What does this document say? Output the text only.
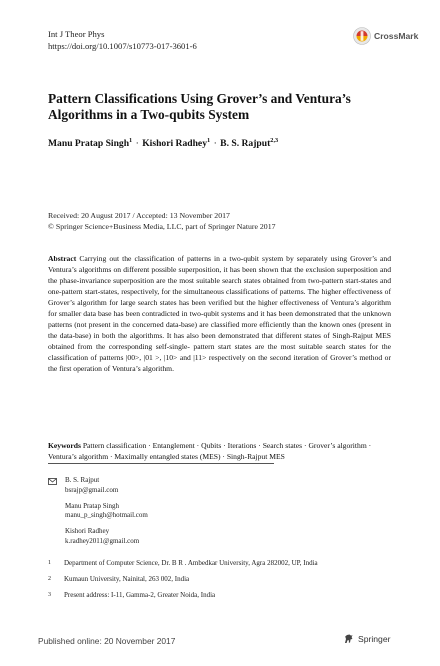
Int J Theor Phys
https://doi.org/10.1007/s10773-017-3601-6
CrossMark
Pattern Classifications Using Grover’s and Ventura’s
Algorithms in a Two-qubits System
Manu Pratap Singh$^1$ · Kishori Radhey$^1$ · B. S. Rajput$^{2,3}$
Received: 20 August 2017 / Accepted: 13 November 2017
© Springer Science+Business Media, LLC, part of Springer Nature 2017
Abstract Carrying out the classification of patterns in a two-qubit system by separately using Grover’s and Ventura’s algorithms on different possible superposition, it has been shown that the exclusion superposition and the phase-invariance superposition are the most suitable search states obtained from two-pattern start-states and one-pattern start-states, respectively, for the simultaneous classifications of patterns. The higher effectiveness of Grover’s algorithm for large search states has been verified but the higher effectiveness of Ventura’s algorithm for smaller data base has been contradicted in two-qubit systems and it has been demonstrated that the unknown patterns (not present in the concerned data-base) are classified more efficiently than the known ones (present in the data-base) in both the algorithms. It has also been demonstrated that different states of Singh-Rajput MES obtained from the corresponding self-single- pattern start states are the most suitable search states for the classification of patterns |00>, |01 >, |10> and |11> respectively on the second iteration of Grover’s method or the first operation of Ventura’s algorithm.
Keywords Pattern classification · Entanglement · Qubits · Iterations · Search states · Grover’s algorithm · Ventura’s algorithm · Maximally entangled states (MES) · Singh-Rajput MES
B. S. Rajput
bsrajp@gmail.com
Manu Pratap Singh
manu_p_singh@hotmail.com
Kishori Radhey
k.radhey2011@gmail.com
1	Department of Computer Science, Dr. B R . Ambedkar University, Agra 282002, UP, India
2	Kumaun University, Nainital, 263 002, India
3	Present address: I-11, Gamma-2, Greater Noida, India
Published online: 20 November 2017	Springer
